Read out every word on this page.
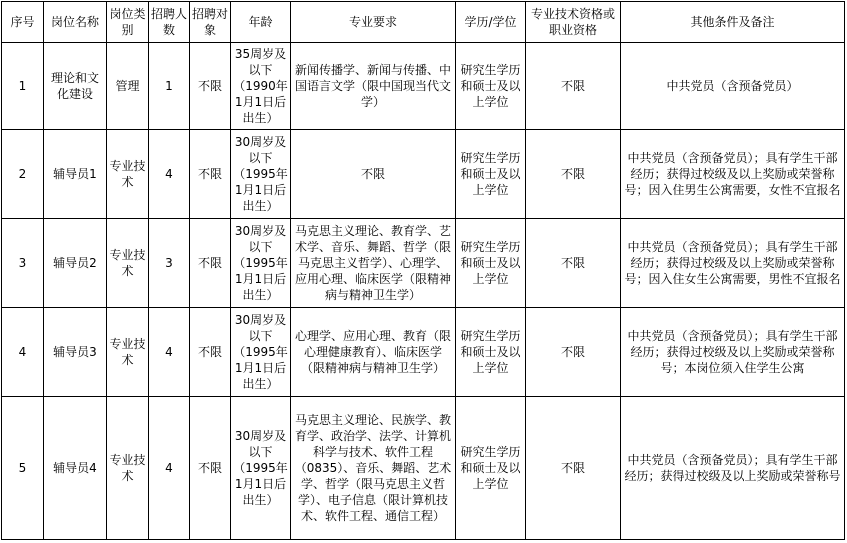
序号	岗位名称	岗位类别	招聘人数	招聘对象	年龄	专业要求	学历/学位	专业技术资格或职业资格	其他条件及备注
1	理论和文化建设	管理	1	不限	35周岁及以下（1990年1月1日后出生）	新闻传播学、新闻与传播、中国语言文学（限中国现当代文学）	研究生学历和硕士及以上学位	不限	中共党员（含预备党员）
2	辅导员1	专业技术	4	不限	30周岁及以下（1995年1月1日后出生）	不限	研究生学历和硕士及以上学位	不限	中共党员（含预备党员）；具有学生干部经历；获得过校级及以上奖励或荣誉称号；因入住男生公寓需要，女性不宜报名
3	辅导员2	专业技术	3	不限	30周岁及以下（1995年1月1日后出生）	马克思主义理论、教育学、艺术学、音乐、舞蹈、哲学（限马克思主义哲学）、心理学、应用心理、临床医学（限精神病与精神卫生学）	研究生学历和硕士及以上学位	不限	中共党员（含预备党员）；具有学生干部经历；获得过校级及以上奖励或荣誉称号；因入住女生公寓需要，男性不宜报名
4	辅导员3	专业技术	4	不限	30周岁及以下（1995年1月1日后出生）	心理学、应用心理、教育（限心理健康教育）、临床医学（限精神病与精神卫生学）	研究生学历和硕士及以上学位	不限	中共党员（含预备党员）；具有学生干部经历；获得过校级及以上奖励或荣誉称号；本岗位须入住学生公寓
5	辅导员4	专业技术	4	不限	30周岁及以下（1995年1月1日后出生）	马克思主义理论、民族学、教育学、政治学、法学、计算机科学与技术、软件工程（0835）、音乐、舞蹈、艺术学、哲学（限马克思主义哲学）、电子信息（限计算机技术、软件工程、通信工程）	研究生学历和硕士及以上学位	不限	中共党员（含预备党员）；具有学生干部经历；获得过校级及以上奖励或荣誉称号
